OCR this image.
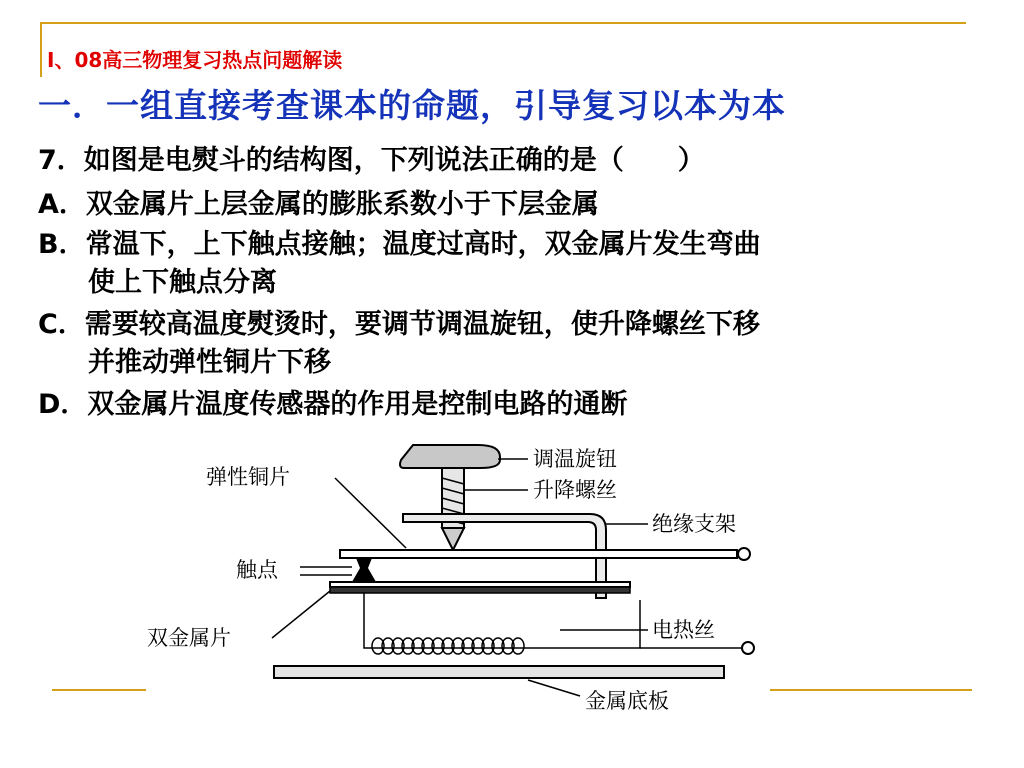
Ⅰ、08高三物理复习热点问题解读
一．一组直接考查课本的命题，引导复习以本为本
7．如图是电熨斗的结构图，下列说法正确的是（　　）
A．双金属片上层金属的膨胀系数小于下层金属
B．常温下，上下触点接触；温度过高时，双金属片发生弯曲
使上下触点分离
C．需要较高温度熨烫时，要调节调温旋钮，使升降螺丝下移
并推动弹性铜片下移
D．双金属片温度传感器的作用是控制电路的通断
调温旋钮
升降螺丝
绝缘支架
弹性铜片
触点
电热丝
双金属片
金属底板
